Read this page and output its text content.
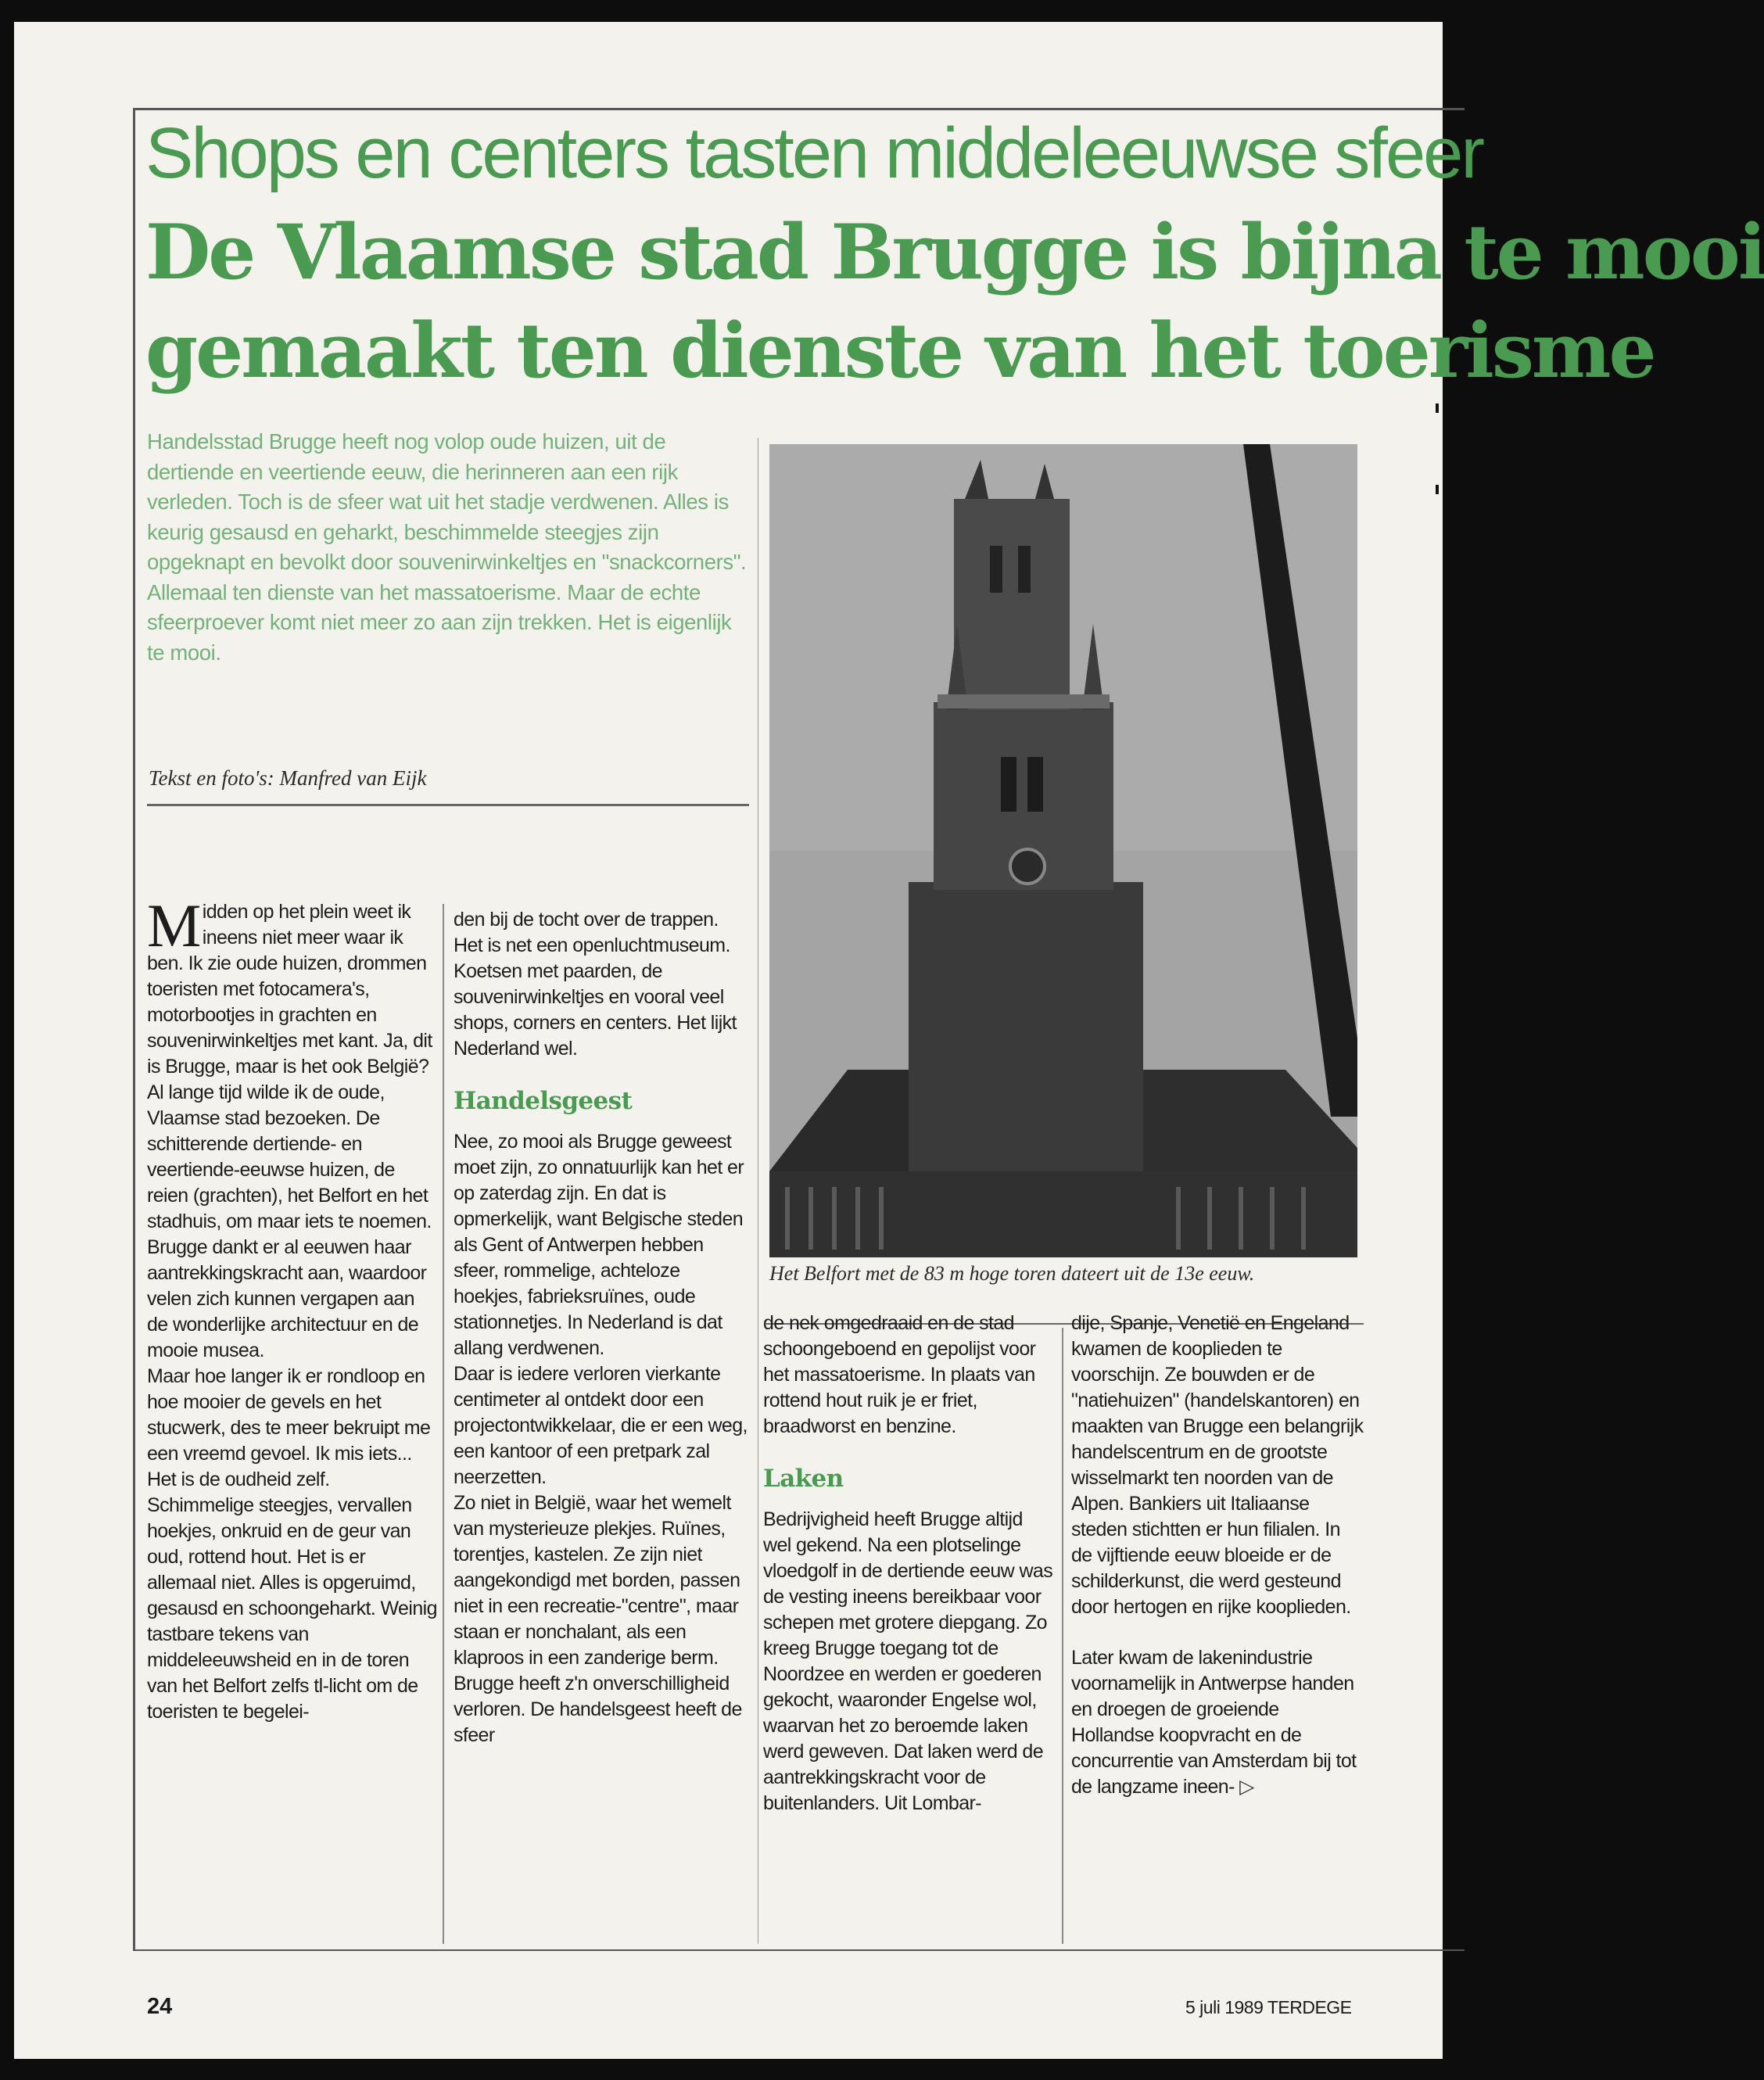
Shops en centers tasten middeleeuwse sfeer
De Vlaamse stad Brugge is bijna te mooi
gemaakt ten dienste van het toerisme

Handelsstad Brugge heeft nog volop oude huizen, uit de dertiende en veertiende eeuw, die herinneren aan een rijk verleden. Toch is de sfeer wat uit het stadje verdwenen. Alles is keurig gesausd en geharkt, beschimmelde steegjes zijn opgeknapt en bevolkt door souvenirwinkeltjes en "snackcorners". Allemaal ten dienste van het massatoerisme. Maar de echte sfeerproever komt niet meer zo aan zijn trekken. Het is eigenlijk te mooi.

Tekst en foto's: Manfred van Eijk

Het Belfort met de 83 m hoge toren dateert uit de 13e eeuw.

Midden op het plein weet ik ineens niet meer waar ik ben. Ik zie oude huizen, drommen toeristen met fotocamera's, motorbootjes in grachten en souvenirwinkeltjes met kant. Ja, dit is Brugge, maar is het ook België?

Al lange tijd wilde ik de oude, Vlaamse stad bezoeken. De schitterende dertiende- en veertiende-eeuwse huizen, de reien (grachten), het Belfort en het stadhuis, om maar iets te noemen. Brugge dankt er al eeuwen haar aantrekkingskracht aan, waardoor velen zich kunnen vergapen aan de wonderlijke architectuur en de mooie musea.

Maar hoe langer ik er rondloop en hoe mooier de gevels en het stucwerk, des te meer bekruipt me een vreemd gevoel. Ik mis iets... Het is de oudheid zelf. Schimmelige steegjes, vervallen hoekjes, onkruid en de geur van oud, rottend hout. Het is er allemaal niet. Alles is opgeruimd, gesausd en schoongeharkt. Weinig tastbare tekens van middeleeuwsheid en in de toren van het Belfort zelfs tl-licht om de toeristen te begelei-

den bij de tocht over de trappen. Het is net een openluchtmuseum. Koetsen met paarden, de souvenirwinkeltjes en vooral veel shops, corners en centers. Het lijkt Nederland wel.

Handelsgeest

Nee, zo mooi als Brugge geweest moet zijn, zo onnatuurlijk kan het er op zaterdag zijn. En dat is opmerkelijk, want Belgische steden als Gent of Antwerpen hebben sfeer, rommelige, achteloze hoekjes, fabrieksruïnes, oude stationnetjes. In Nederland is dat allang verdwenen.

Daar is iedere verloren vierkante centimeter al ontdekt door een projectontwikkelaar, die er een weg, een kantoor of een pretpark zal neerzetten.

Zo niet in België, waar het wemelt van mysterieuze plekjes. Ruïnes, torentjes, kastelen. Ze zijn niet aangekondigd met borden, passen niet in een recreatie-"centre", maar staan er nonchalant, als een klaproos in een zanderige berm. Brugge heeft z'n onverschilligheid verloren. De handelsgeest heeft de sfeer

de nek omgedraaid en de stad schoongeboend en gepolijst voor het massatoerisme. In plaats van rottend hout ruik je er friet, braadworst en benzine.

Laken

Bedrijvigheid heeft Brugge altijd wel gekend. Na een plotselinge vloedgolf in de dertiende eeuw was de vesting ineens bereikbaar voor schepen met grotere diepgang. Zo kreeg Brugge toegang tot de Noordzee en werden er goederen gekocht, waaronder Engelse wol, waarvan het zo beroemde laken werd geweven. Dat laken werd de aantrekkingskracht voor de buitenlanders. Uit Lombar-

dije, Spanje, Venetië en Engeland kwamen de kooplieden te voorschijn. Ze bouwden er de "natiehuizen" (handelskantoren) en maakten van Brugge een belangrijk handelscentrum en de grootste wisselmarkt ten noorden van de Alpen. Bankiers uit Italiaanse steden stichtten er hun filialen. In de vijftiende eeuw bloeide er de schilderkunst, die werd gesteund door hertogen en rijke kooplieden.

Later kwam de lakenindustrie voornamelijk in Antwerpse handen en droegen de groeiende Hollandse koopvracht en de concurrentie van Amsterdam bij tot de langzame ineen- ▷

24	5 juli 1989 TERDEGE
